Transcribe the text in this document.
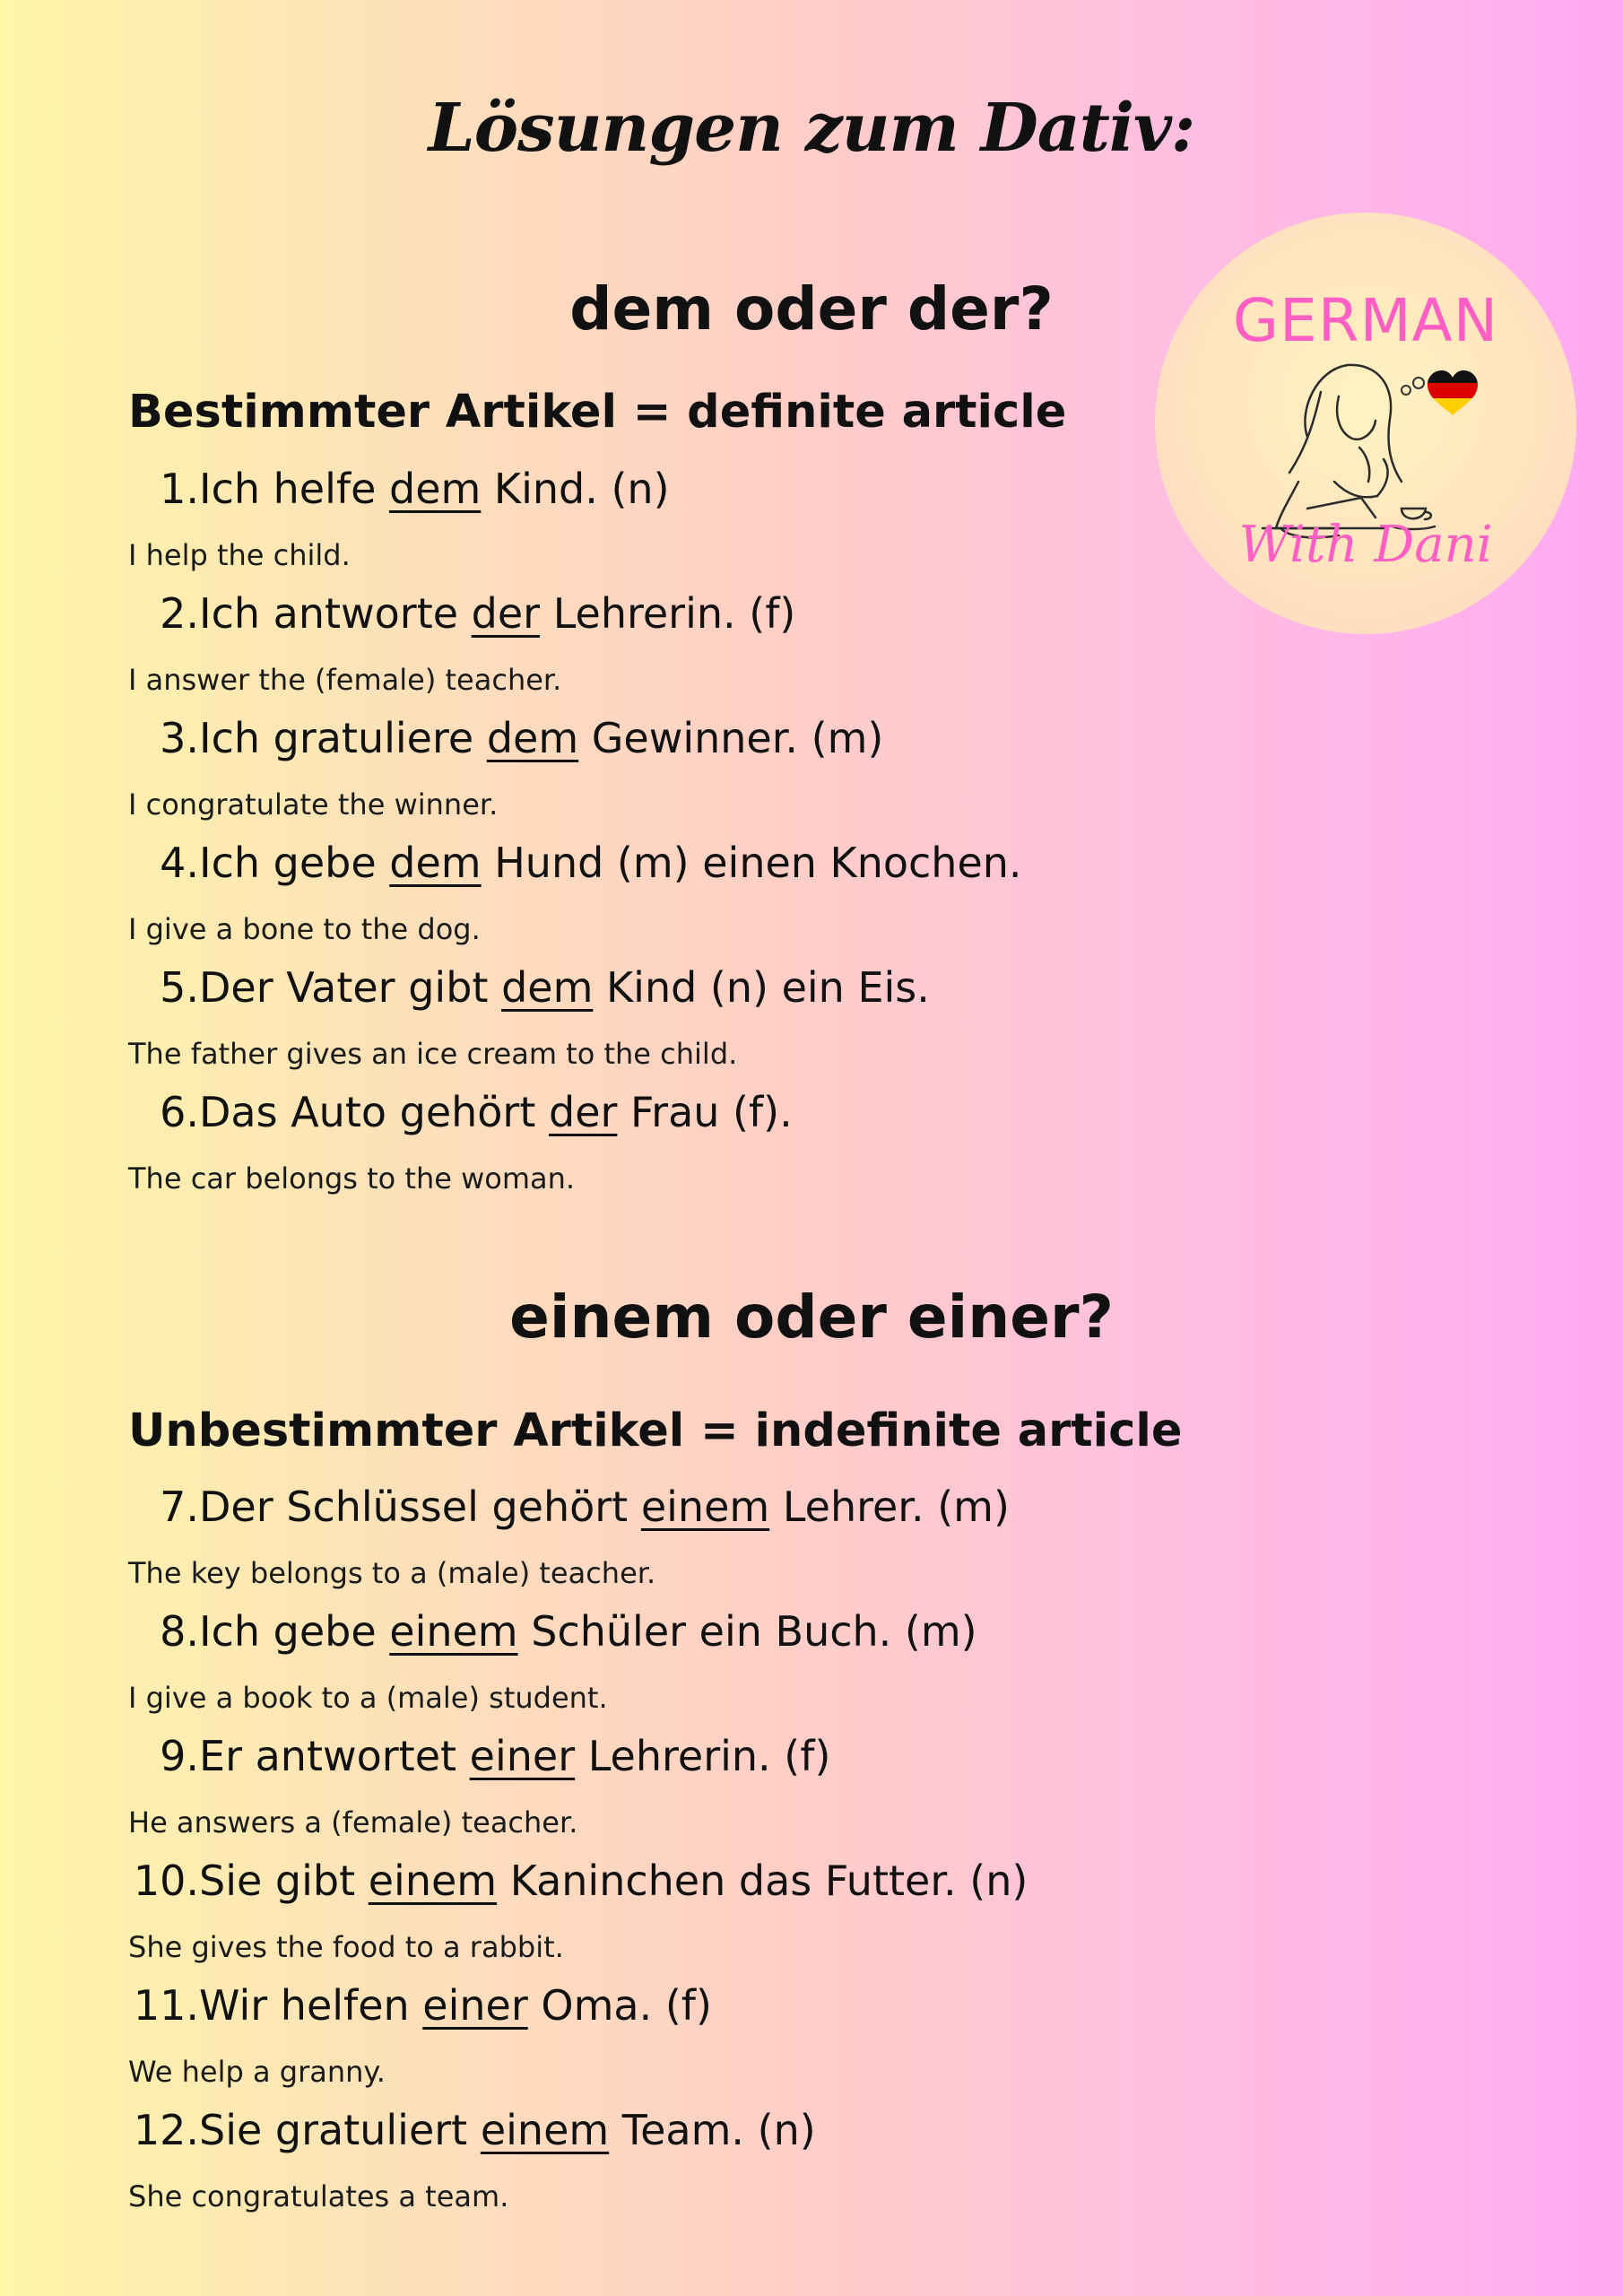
Lösungen zum Dativ:
GERMAN
With Dani
dem oder der?
Bestimmter Artikel = definite article
1.Ich helfe dem Kind. (n)
I help the child.
2.Ich antworte der Lehrerin. (f)
I answer the (female) teacher.
3.Ich gratuliere dem Gewinner. (m)
I congratulate the winner.
4.Ich gebe dem Hund (m) einen Knochen.
I give a bone to the dog.
5.Der Vater gibt dem Kind (n) ein Eis.
The father gives an ice cream to the child.
6.Das Auto gehört der Frau (f).
The car belongs to the woman.
einem oder einer?
Unbestimmter Artikel = indefinite article
7.Der Schlüssel gehört einem Lehrer. (m)
The key belongs to a (male) teacher.
8.Ich gebe einem Schüler ein Buch. (m)
I give a book to a (male) student.
9.Er antwortet einer Lehrerin. (f)
He answers a (female) teacher.
10.Sie gibt einem Kaninchen das Futter. (n)
She gives the food to a rabbit.
11.Wir helfen einer Oma. (f)
We help a granny.
12.Sie gratuliert einem Team. (n)
She congratulates a team.
